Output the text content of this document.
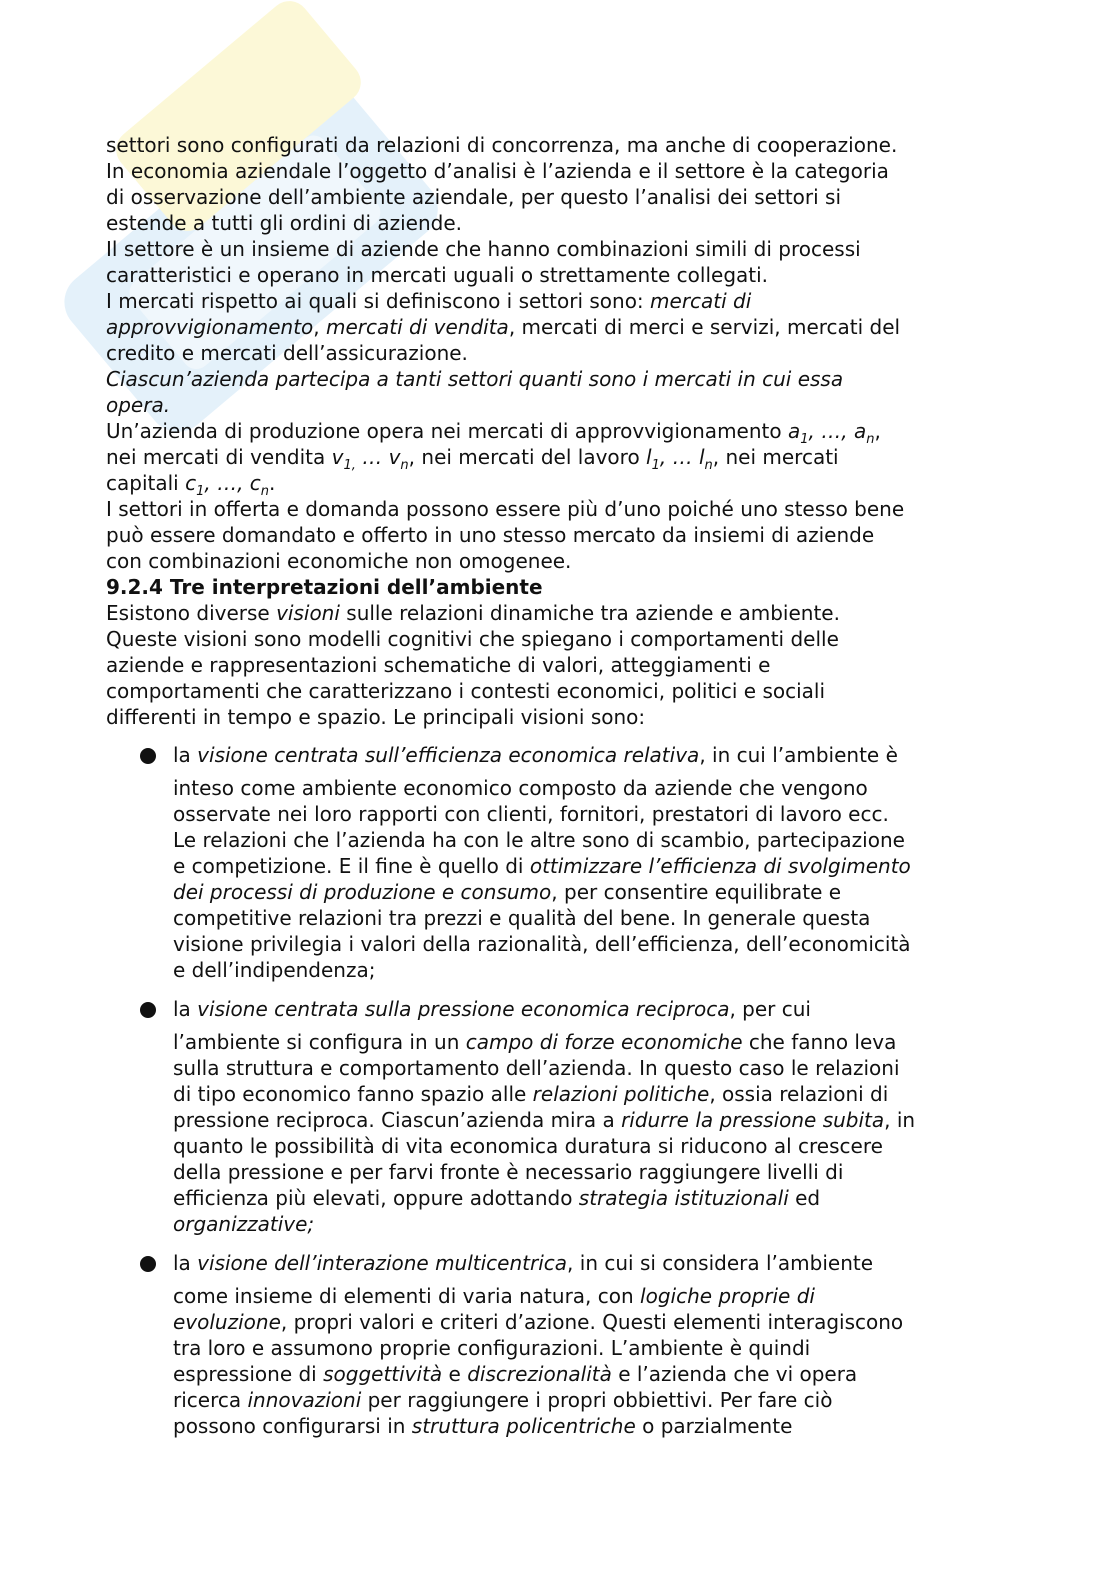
settori sono configurati da relazioni di concorrenza, ma anche di cooperazione.
In economia aziendale l’oggetto d’analisi è l’azienda e il settore è la categoria
di osservazione dell’ambiente aziendale, per questo l’analisi dei settori si
estende a tutti gli ordini di aziende.
Il settore è un insieme di aziende che hanno combinazioni simili di processi
caratteristici e operano in mercati uguali o strettamente collegati.
I mercati rispetto ai quali si definiscono i settori sono: mercati di
approvvigionamento, mercati di vendita, mercati di merci e servizi, mercati del
credito e mercati dell’assicurazione.
Ciascun’azienda partecipa a tanti settori quanti sono i mercati in cui essa
opera.
Un’azienda di produzione opera nei mercati di approvvigionamento $a_1$, …, $a_n$,
nei mercati di vendita $v_{1,}$ … $v_n$, nei mercati del lavoro $l_1$, … $l_n$, nei mercati
capitali $c_1$, …, $c_n$.
I settori in offerta e domanda possono essere più d’uno poiché uno stesso bene
può essere domandato e offerto in uno stesso mercato da insiemi di aziende
con combinazioni economiche non omogenee.
9.2.4 Tre interpretazioni dell’ambiente
Esistono diverse visioni sulle relazioni dinamiche tra aziende e ambiente.
Queste visioni sono modelli cognitivi che spiegano i comportamenti delle
aziende e rappresentazioni schematiche di valori, atteggiamenti e
comportamenti che caratterizzano i contesti economici, politici e sociali
differenti in tempo e spazio. Le principali visioni sono:
la visione centrata sull’efficienza economica relativa, in cui l’ambiente è
inteso come ambiente economico composto da aziende che vengono
osservate nei loro rapporti con clienti, fornitori, prestatori di lavoro ecc.
Le relazioni che l’azienda ha con le altre sono di scambio, partecipazione
e competizione. E il fine è quello di ottimizzare l’efficienza di svolgimento
dei processi di produzione e consumo, per consentire equilibrate e
competitive relazioni tra prezzi e qualità del bene. In generale questa
visione privilegia i valori della razionalità, dell’efficienza, dell’economicità
e dell’indipendenza;
la visione centrata sulla pressione economica reciproca, per cui
l’ambiente si configura in un campo di forze economiche che fanno leva
sulla struttura e comportamento dell’azienda. In questo caso le relazioni
di tipo economico fanno spazio alle relazioni politiche, ossia relazioni di
pressione reciproca. Ciascun’azienda mira a ridurre la pressione subita, in
quanto le possibilità di vita economica duratura si riducono al crescere
della pressione e per farvi fronte è necessario raggiungere livelli di
efficienza più elevati, oppure adottando strategia istituzionali ed
organizzative;
la visione dell’interazione multicentrica, in cui si considera l’ambiente
come insieme di elementi di varia natura, con logiche proprie di
evoluzione, propri valori e criteri d’azione. Questi elementi interagiscono
tra loro e assumono proprie configurazioni. L’ambiente è quindi
espressione di soggettività e discrezionalità e l’azienda che vi opera
ricerca innovazioni per raggiungere i propri obbiettivi. Per fare ciò
possono configurarsi in struttura policentriche o parzialmente
